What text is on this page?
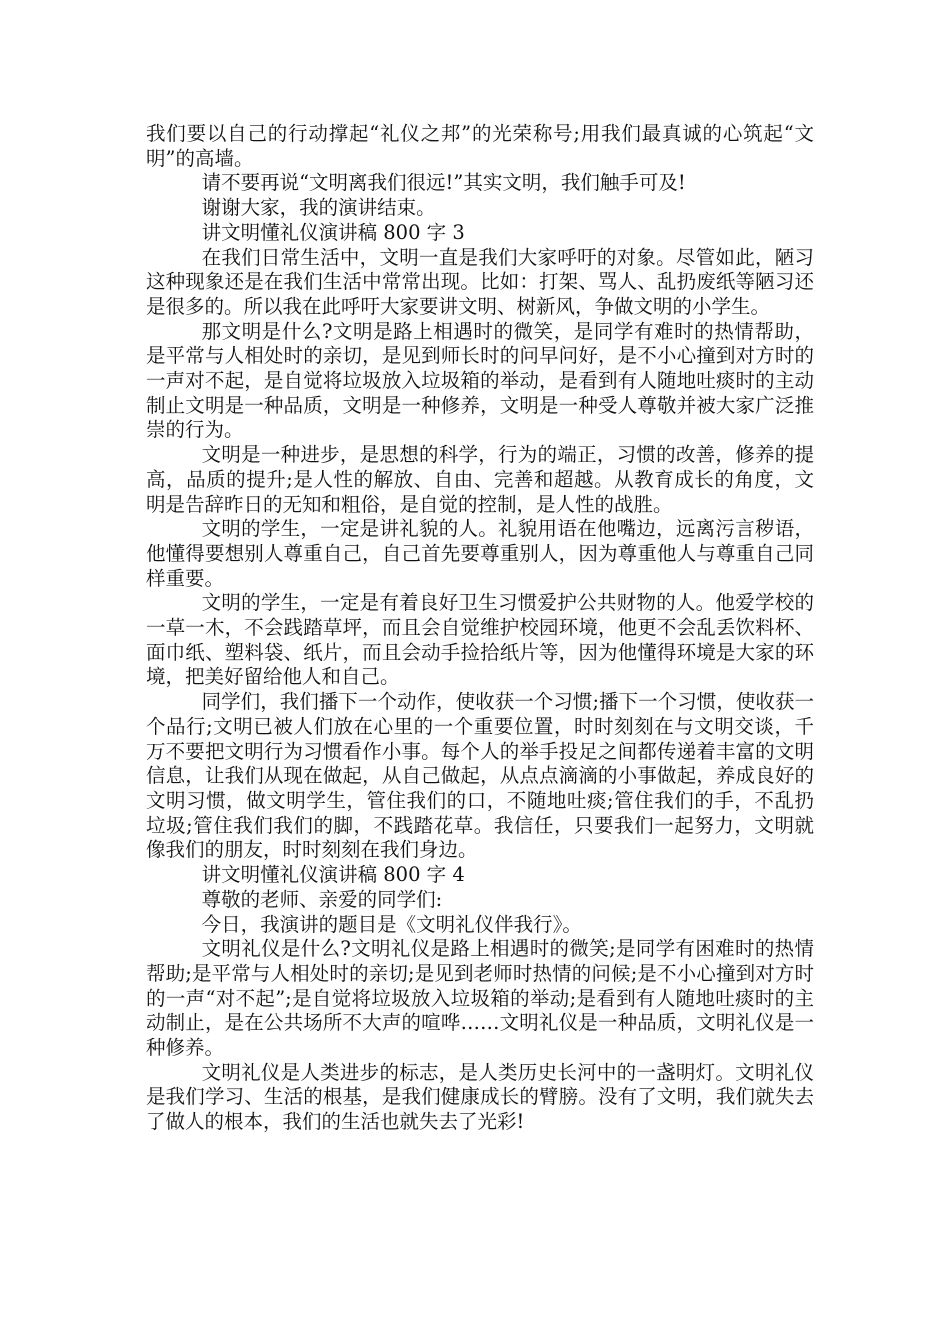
我们要以自己的行动撑起“礼仪之邦”的光荣称号;用我们最真诚的心筑起“文明”的高墙。

请不要再说“文明离我们很远!”其实文明，我们触手可及!

谢谢大家，我的演讲结束。

讲文明懂礼仪演讲稿 800 字 3

在我们日常生活中，文明一直是我们大家呼吁的对象。尽管如此，陋习这种现象还是在我们生活中常常出现。比如：打架、骂人、乱扔废纸等陋习还是很多的。所以我在此呼吁大家要讲文明、树新风，争做文明的小学生。

那文明是什么?文明是路上相遇时的微笑，是同学有难时的热情帮助，是平常与人相处时的亲切，是见到师长时的问早问好，是不小心撞到对方时的一声对不起，是自觉将垃圾放入垃圾箱的举动，是看到有人随地吐痰时的主动制止文明是一种品质，文明是一种修养，文明是一种受人尊敬并被大家广泛推崇的行为。

文明是一种进步，是思想的科学，行为的端正，习惯的改善，修养的提高，品质的提升;是人性的解放、自由、完善和超越。从教育成长的角度，文明是告辞昨日的无知和粗俗，是自觉的控制，是人性的战胜。

文明的学生，一定是讲礼貌的人。礼貌用语在他嘴边，远离污言秽语，他懂得要想别人尊重自己，自己首先要尊重别人，因为尊重他人与尊重自己同样重要。

文明的学生，一定是有着良好卫生习惯爱护公共财物的人。他爱学校的一草一木，不会践踏草坪，而且会自觉维护校园环境，他更不会乱丢饮料杯、面巾纸、塑料袋、纸片，而且会动手捡拾纸片等，因为他懂得环境是大家的环境，把美好留给他人和自己。

同学们，我们播下一个动作，使收获一个习惯;播下一个习惯，使收获一个品行;文明已被人们放在心里的一个重要位置，时时刻刻在与文明交谈，千万不要把文明行为习惯看作小事。每个人的举手投足之间都传递着丰富的文明信息，让我们从现在做起，从自己做起，从点点滴滴的小事做起，养成良好的文明习惯，做文明学生，管住我们的口，不随地吐痰;管住我们的手，不乱扔垃圾;管住我们我们的脚，不践踏花草。我信任，只要我们一起努力，文明就像我们的朋友，时时刻刻在我们身边。

讲文明懂礼仪演讲稿 800 字 4

尊敬的老师、亲爱的同学们:

今日，我演讲的题目是《文明礼仪伴我行》。

文明礼仪是什么?文明礼仪是路上相遇时的微笑;是同学有困难时的热情帮助;是平常与人相处时的亲切;是见到老师时热情的问候;是不小心撞到对方时的一声“对不起”;是自觉将垃圾放入垃圾箱的举动;是看到有人随地吐痰时的主动制止，是在公共场所不大声的喧哗……文明礼仪是一种品质，文明礼仪是一种修养。

文明礼仪是人类进步的标志，是人类历史长河中的一盏明灯。文明礼仪是我们学习、生活的根基，是我们健康成长的臂膀。没有了文明，我们就失去了做人的根本，我们的生活也就失去了光彩!
